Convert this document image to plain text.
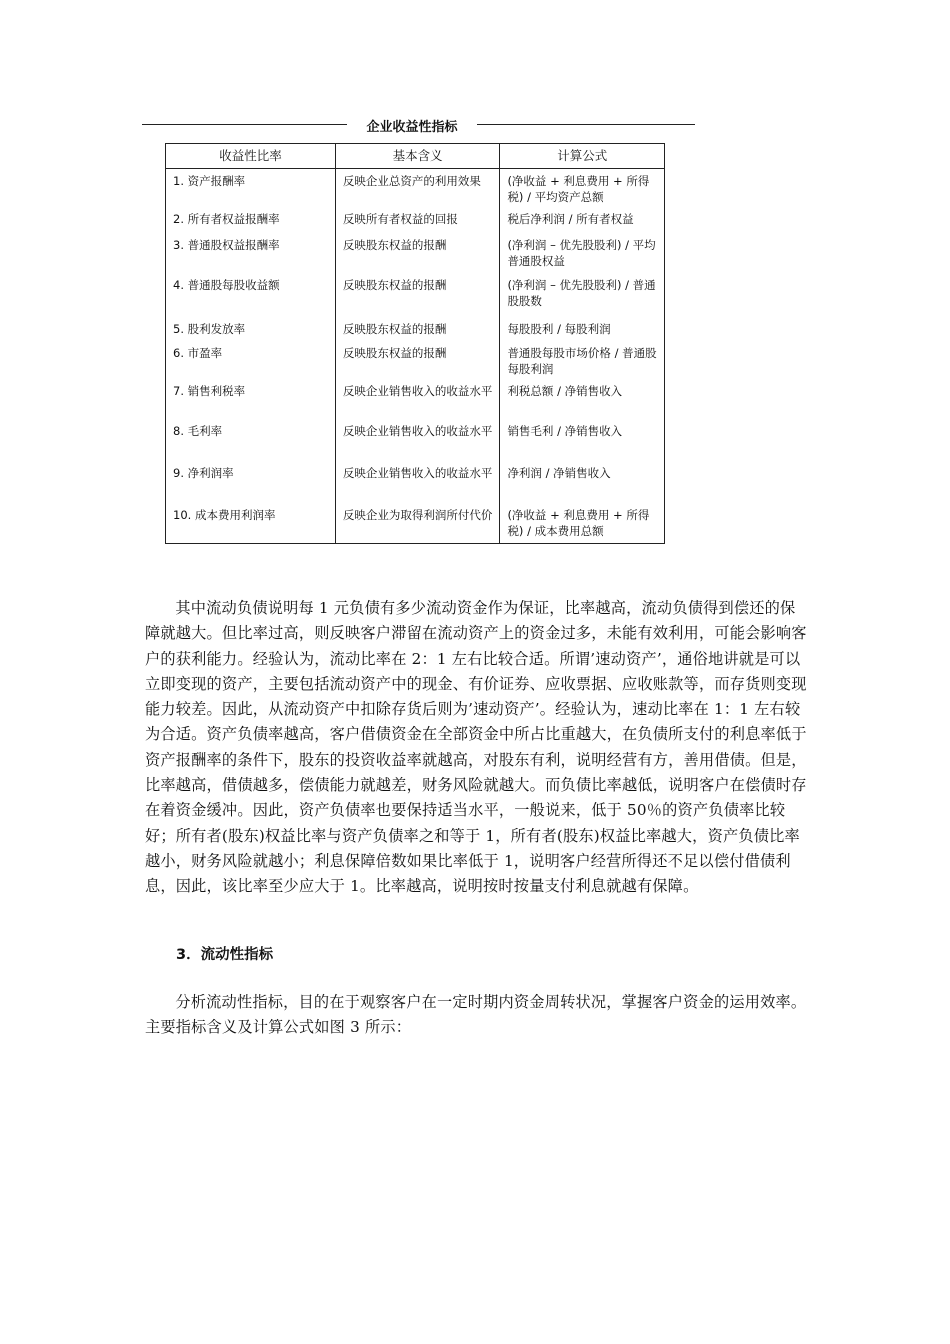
企业收益性指标
收益性比率	基本含义	计算公式
1. 资产报酬率	反映企业总资产的利用效果	(净收益 + 利息费用 + 所得税) / 平均资产总额
2. 所有者权益报酬率	反映所有者权益的回报	税后净利润 / 所有者权益
3. 普通股权益报酬率	反映股东权益的报酬	(净利润 – 优先股股利) / 平均普通股权益
4. 普通股每股收益额	反映股东权益的报酬	(净利润 – 优先股股利) / 普通股股数
5. 股利发放率	反映股东权益的报酬	每股股利 / 每股利润
6. 市盈率	反映股东权益的报酬	普通股每股市场价格 / 普通股每股利润
7. 销售利税率	反映企业销售收入的收益水平	利税总额 / 净销售收入
8. 毛利率	反映企业销售收入的收益水平	销售毛利 / 净销售收入
9. 净利润率	反映企业销售收入的收益水平	净利润 / 净销售收入
10. 成本费用利润率	反映企业为取得利润所付代价	(净收益 + 利息费用 + 所得税) / 成本费用总额

其中流动负债说明每 1 元负债有多少流动资金作为保证，比率越高，流动负债得到偿还的保障就越大。但比率过高，则反映客户滞留在流动资产上的资金过多，未能有效利用，可能会影响客户的获利能力。经验认为，流动比率在 2：1 左右比较合适。所谓’速动资产’，通俗地讲就是可以立即变现的资产，主要包括流动资产中的现金、有价证券、应收票据、应收账款等，而存货则变现能力较差。因此，从流动资产中扣除存货后则为’速动资产’。经验认为，速动比率在 1：1 左右较为合适。资产负债率越高，客户借债资金在全部资金中所占比重越大，在负债所支付的利息率低于资产报酬率的条件下，股东的投资收益率就越高，对股东有利，说明经营有方，善用借债。但是，比率越高，借债越多，偿债能力就越差，财务风险就越大。而负债比率越低，说明客户在偿债时存在着资金缓冲。因此，资产负债率也要保持适当水平，一般说来，低于 50％的资产负债率比较好；所有者(股东)权益比率与资产负债率之和等于 1，所有者(股东)权益比率越大，资产负债比率越小，财务风险就越小；利息保障倍数如果比率低于 1，说明客户经营所得还不足以偿付借债利息，因此，该比率至少应大于 1。比率越高，说明按时按量支付利息就越有保障。

3．流动性指标

分析流动性指标，目的在于观察客户在一定时期内资金周转状况，掌握客户资金的运用效率。主要指标含义及计算公式如图 3 所示：
